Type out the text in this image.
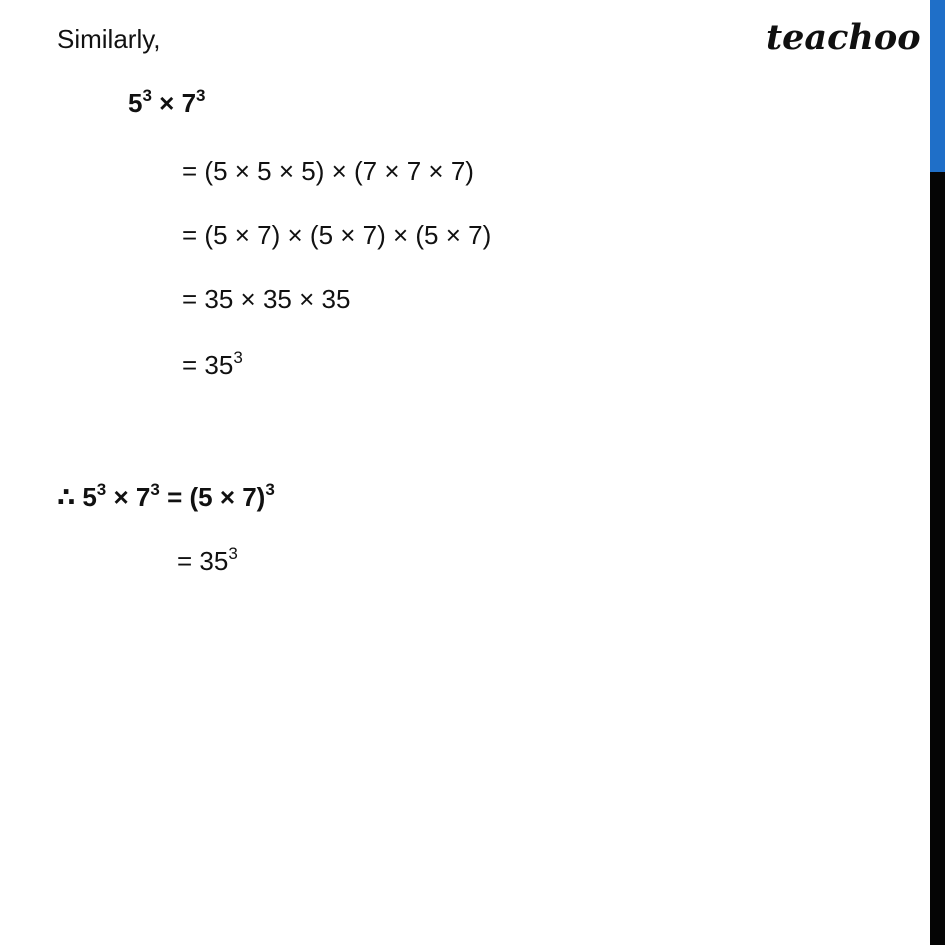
teachoo
Similarly,
$5^3 \times 7^3$
= (5 × 5 × 5) × (7 × 7 × 7)
= (5 × 7) × (5 × 7) × (5 × 7)
= 35 × 35 × 35
= $35^3$
∴ $5^3 \times 7^3 = (5 \times 7)^3$
= $35^3$
